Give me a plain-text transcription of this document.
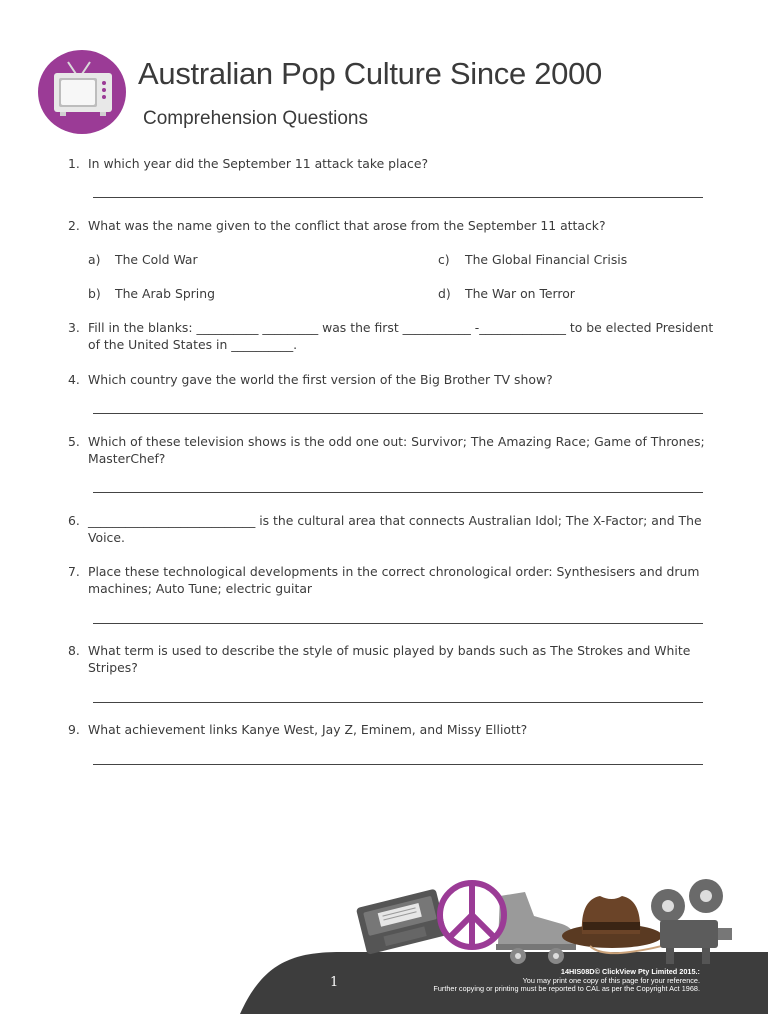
Australian Pop Culture Since 2000
Comprehension Questions
1. In which year did the September 11 attack take place?
2. What was the name given to the conflict that arose from the September 11 attack?
a) The Cold War
b) The Arab Spring
c) The Global Financial Crisis
d) The War on Terror
3. Fill in the blanks: __________ _________ was the first ___________ -______________ to be elected President of the United States in __________.
4. Which country gave the world the first version of the Big Brother TV show?
5. Which of these television shows is the odd one out: Survivor; The Amazing Race; Game of Thrones; MasterChef?
6. ___________________________ is the cultural area that connects Australian Idol; The X-Factor; and The Voice.
7. Place these technological developments in the correct chronological order: Synthesisers and drum machines; Auto Tune; electric guitar
8. What term is used to describe the style of music played by bands such as The Strokes and White Stripes?
9. What achievement links Kanye West, Jay Z, Eminem, and Missy Elliott?
1
14HIS08D© ClickView Pty Limited 2015.:
You may print one copy of this page for your reference.
Further copying or printing must be reported to CAL as per the Copyright Act 1968.
